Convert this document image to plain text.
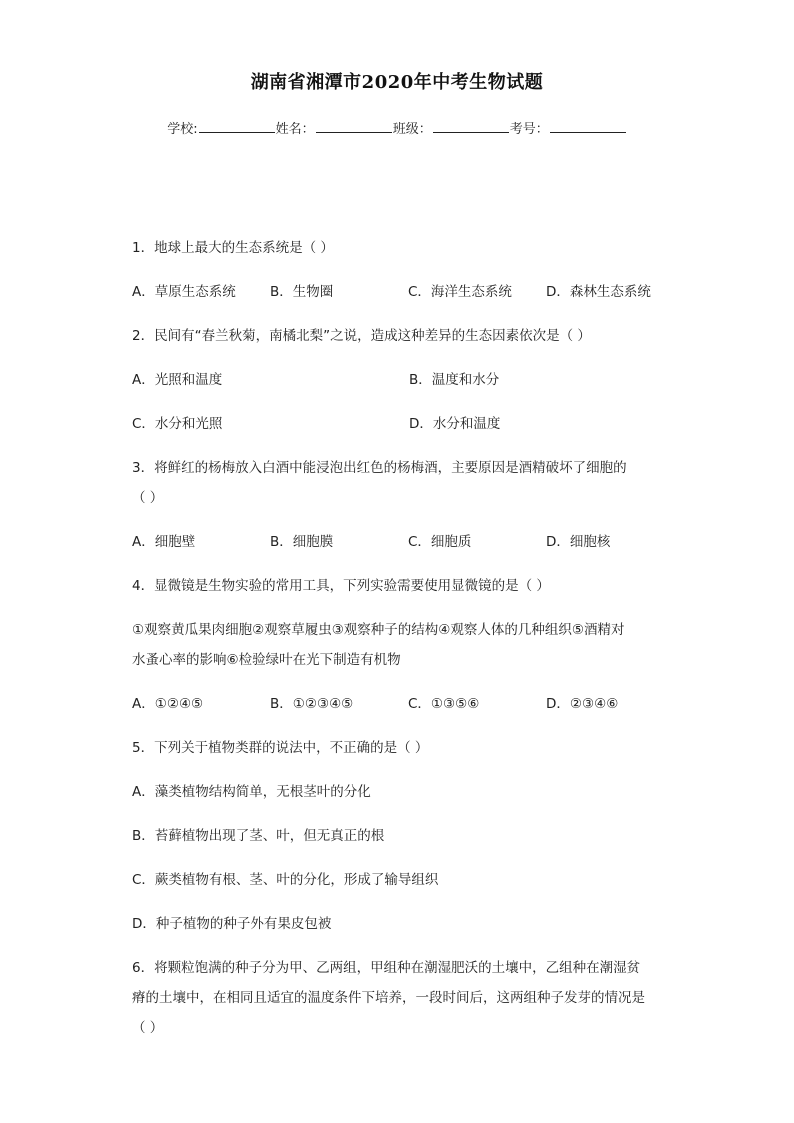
湖南省湘潭市2020年中考生物试题
学校:	姓名：	班级：	考号：
1．地球上最大的生态系统是（ ）
A．草原生态系统	B．生物圈	C．海洋生态系统	D．森林生态系统
2．民间有“春兰秋菊，南橘北梨”之说，造成这种差异的生态因素依次是（ ）
A．光照和温度	B．温度和水分
C．水分和光照	D．水分和温度
3．将鲜红的杨梅放入白酒中能浸泡出红色的杨梅酒，主要原因是酒精破坏了细胞的
（ ）
A．细胞壁	B．细胞膜	C．细胞质	D．细胞核
4．显微镜是生物实验的常用工具，下列实验需要使用显微镜的是（ ）
①观察黄瓜果肉细胞②观察草履虫③观察种子的结构④观察人体的几种组织⑤酒精对
水蚤心率的影响⑥检验绿叶在光下制造有机物
A．①②④⑤	B．①②③④⑤	C．①③⑤⑥	D．②③④⑥
5．下列关于植物类群的说法中，不正确的是（ ）
A．藻类植物结构简单，无根茎叶的分化
B．苔藓植物出现了茎、叶，但无真正的根
C．蕨类植物有根、茎、叶的分化，形成了输导组织
D．种子植物的种子外有果皮包被
6．将颗粒饱满的种子分为甲、乙两组，甲组种在潮湿肥沃的土壤中，乙组种在潮湿贫
瘠的土壤中，在相同且适宜的温度条件下培养，一段时间后，这两组种子发芽的情况是
（ ）
